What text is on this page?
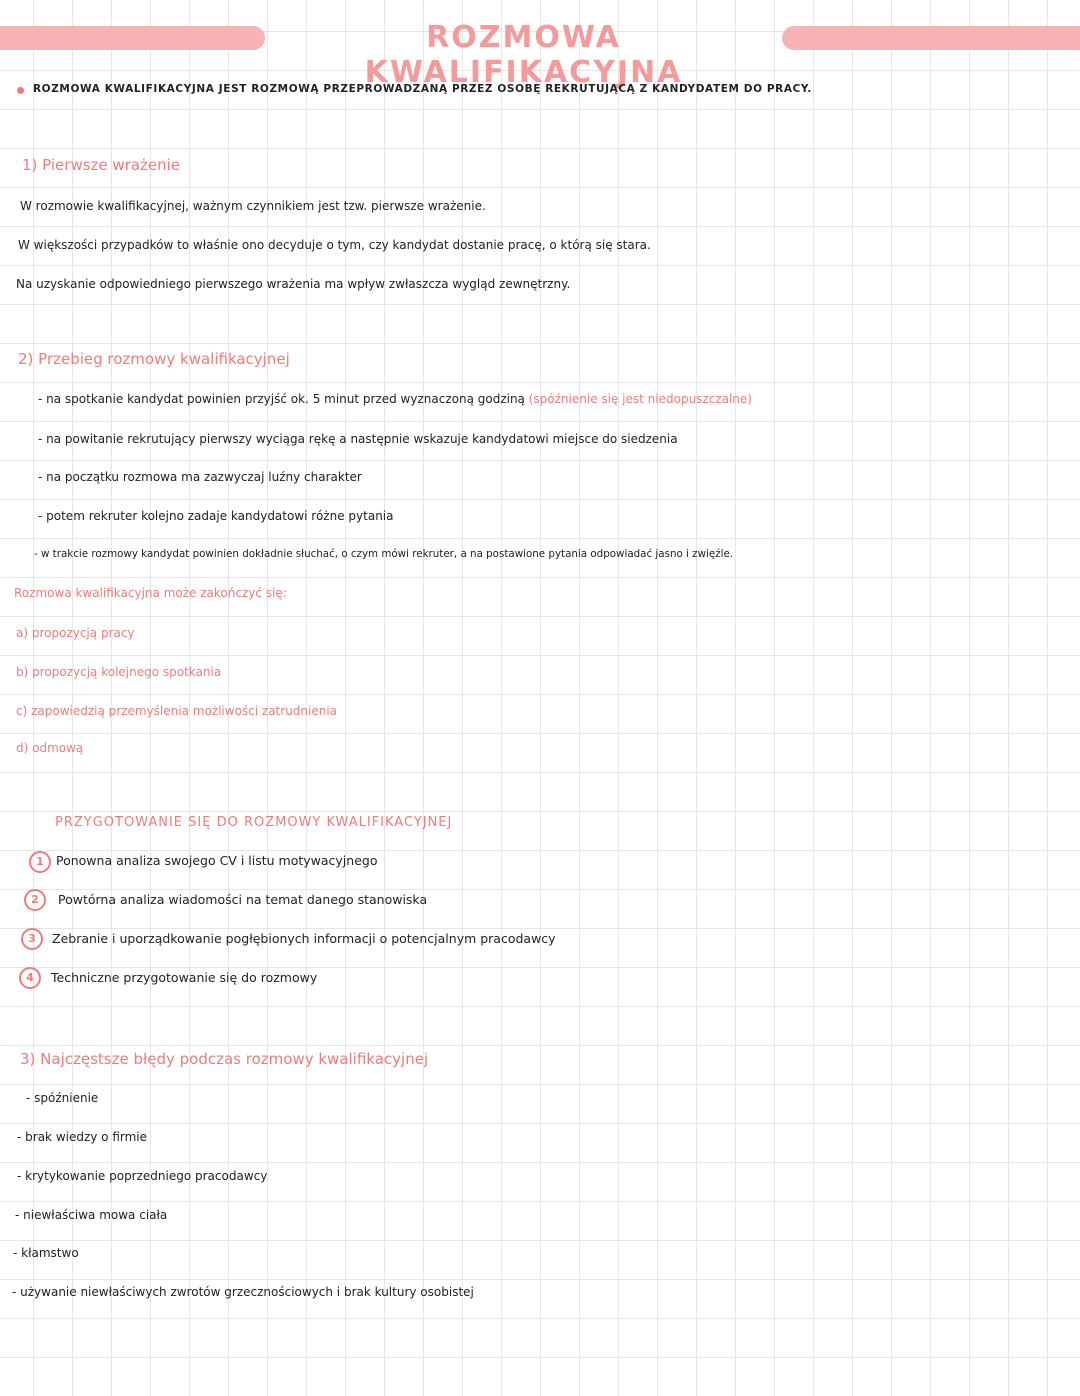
ROZMOWA KWALIFIKACYJNA
ROZMOWA KWALIFIKACYJNA JEST ROZMOWĄ PRZEPROWADZANĄ PRZEZ OSOBĘ REKRUTUJĄCĄ Z KANDYDATEM DO PRACY.
1) Pierwsze wrażenie
W rozmowie kwalifikacyjnej, ważnym czynnikiem jest tzw. pierwsze wrażenie.
W większości przypadków to właśnie ono decyduje o tym, czy kandydat dostanie pracę, o którą się stara.
Na uzyskanie odpowiedniego pierwszego wrażenia ma wpływ zwłaszcza wygląd zewnętrzny.
2) Przebieg rozmowy kwalifikacyjnej
- na spotkanie kandydat powinien przyjść ok. 5 minut przed wyznaczoną godziną (spóźnienie się jest niedopuszczalne)
- na powitanie rekrutujący pierwszy wyciąga rękę a następnie wskazuje kandydatowi miejsce do siedzenia
- na początku rozmowa ma zazwyczaj luźny charakter
- potem rekruter kolejno zadaje kandydatowi różne pytania
- w trakcie rozmowy kandydat powinien dokładnie słuchać, o czym mówi rekruter, a na postawione pytania odpowiadać jasno i zwięźle.
Rozmowa kwalifikacyjna może zakończyć się:
a) propozycją pracy
b) propozycją kolejnego spotkania
c) zapowiedzią przemyślenia możliwości zatrudnienia
d) odmową
PRZYGOTOWANIE SIĘ DO ROZMOWY KWALIFIKACYJNEJ
1 Ponowna analiza swojego CV i listu motywacyjnego
2	Powtórna analiza wiadomości na temat danego stanowiska
3	Zebranie i uporządkowanie pogłębionych informacji o potencjalnym pracodawcy
4	Techniczne przygotowanie się do rozmowy
3) Najczęstsze błędy podczas rozmowy kwalifikacyjnej
- spóźnienie
- brak wiedzy o firmie
- krytykowanie poprzedniego pracodawcy
- niewłaściwa mowa ciała
- kłamstwo
- używanie niewłaściwych zwrotów grzecznościowych i brak kultury osobistej
